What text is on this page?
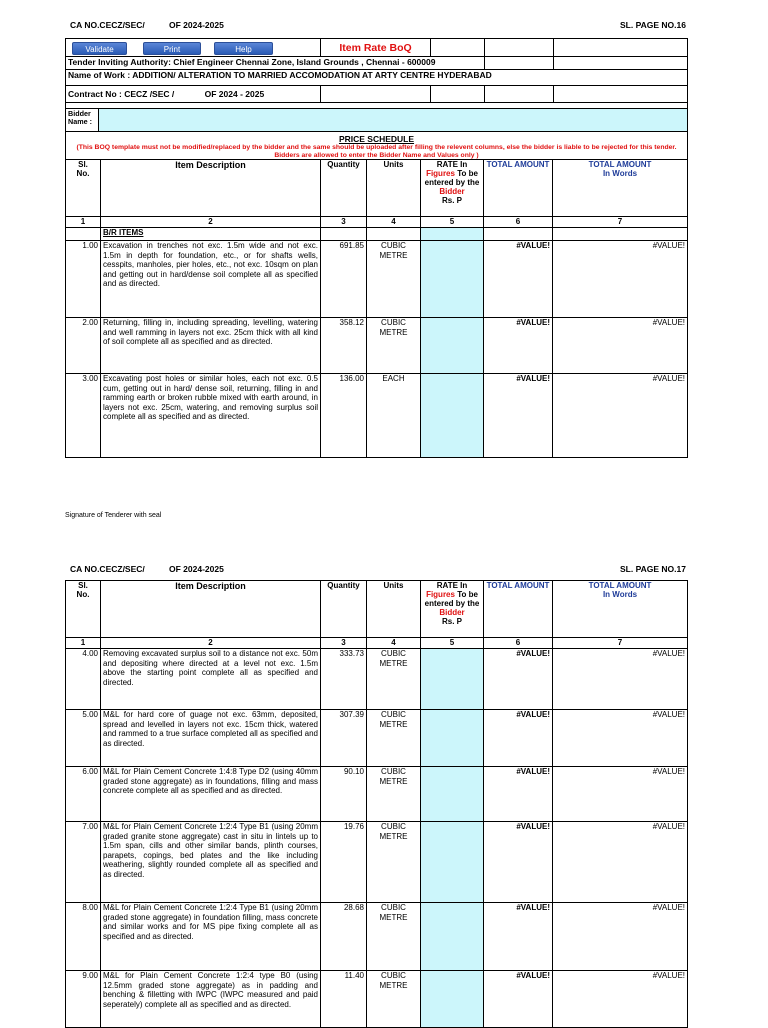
CA NO.CECZ/SEC/	OF 2024-2025	SL. PAGE NO.16
	Item Rate BoQ			
Tender Inviting Authority: Chief Engineer Chennai Zone, Island Grounds , Chennai - 600009				
Name of Work : ADDITION/ ALTERATION TO MARRIED ACCOMODATION AT ARTY CENTRE HYDERABAD				
Contract No : CECZ /SEC / OF 2024 - 2025				

Bidder Name :				

PRICE SCHEDULE
(This BOQ template must not be modified/replaced by the bidder and the same should be uploaded after filling the relevent columns, else the bidder is liable to be rejected for this tender. Bidders are allowed to enter the Bidder Name and Values only )				
Validate	Print	Help
Sl. No.	Item Description	Quantity	Units	RATE In
Figures To be entered by the Bidder
Rs. P	TOTAL AMOUNT	TOTAL AMOUNT
In Words
1	2	3	4	5	6	7
	B/R ITEMS					
1.00	Excavation in trenches not exc. 1.5m wide and not exc. 1.5m in depth for foundation, etc., or for shafts wells, cesspits, manholes, pier holes, etc., not exc. 10sqm on plan and getting out in hard/dense soil complete all as specified and as directed.	691.85	CUBIC METRE		#VALUE!	#VALUE!
2.00	Returning, filling in, including spreading, levelling, watering and well ramming in layers not exc. 25cm thick with all kind of soil complete all as specified and as directed.	358.12	CUBIC METRE		#VALUE!	#VALUE!
3.00	Excavating post holes or similar holes, each not exc. 0.5 cum, getting out in hard/ dense soil, returning, filling in and ramming earth or broken rubble mixed with earth around, in layers not exc. 25cm, watering, and removing surplus soil complete all as specified and as directed.	136.00	EACH		#VALUE!	#VALUE!
Signature of Tenderer with seal
CA NO.CECZ/SEC/	OF 2024-2025	SL. PAGE NO.17
Sl. No.	Item Description	Quantity	Units	RATE In
Figures To be entered by the Bidder
Rs. P	TOTAL AMOUNT	TOTAL AMOUNT
In Words
1	2	3	4	5	6	7
4.00	Removing excavated surplus soil to a distance not exc. 50m and depositing where directed at a level not exc. 1.5m above the starting point complete all as specified and directed.	333.73	CUBIC METRE		#VALUE!	#VALUE!
5.00	M&L for hard core of guage not exc. 63mm, deposited, spread and levelled in layers not exc. 15cm thick, watered and rammed to a true surface completed all as specified and as directed.	307.39	CUBIC METRE		#VALUE!	#VALUE!
6.00	M&L for Plain Cement Concrete 1:4:8 Type D2 (using 40mm graded stone aggregate) as in foundations, filling and mass concrete complete all as specified and as directed.	90.10	CUBIC METRE		#VALUE!	#VALUE!
7.00	M&L for Plain Cement Concrete 1:2:4 Type B1 (using 20mm graded granite stone aggregate) cast in situ in lintels up to 1.5m span, cills and other similar bands, plinth courses, parapets, copings, bed plates and the like including weathering, slightly rounded complete all as specified and as directed.	19.76	CUBIC METRE		#VALUE!	#VALUE!
8.00	M&L for Plain Cement Concrete 1:2:4 Type B1 (using 20mm graded stone aggregate) in foundation filling, mass concrete and similar works and for MS pipe fixing complete all as specified and as directed.	28.68	CUBIC METRE		#VALUE!	#VALUE!
9.00	M&L for Plain Cement Concrete 1:2:4 type B0 (using 12.5mm graded stone aggregate) as in padding and benching & filletting with IWPC (IWPC measured and paid seperately) complete all as specified and as directed.	11.40	CUBIC METRE		#VALUE!	#VALUE!
